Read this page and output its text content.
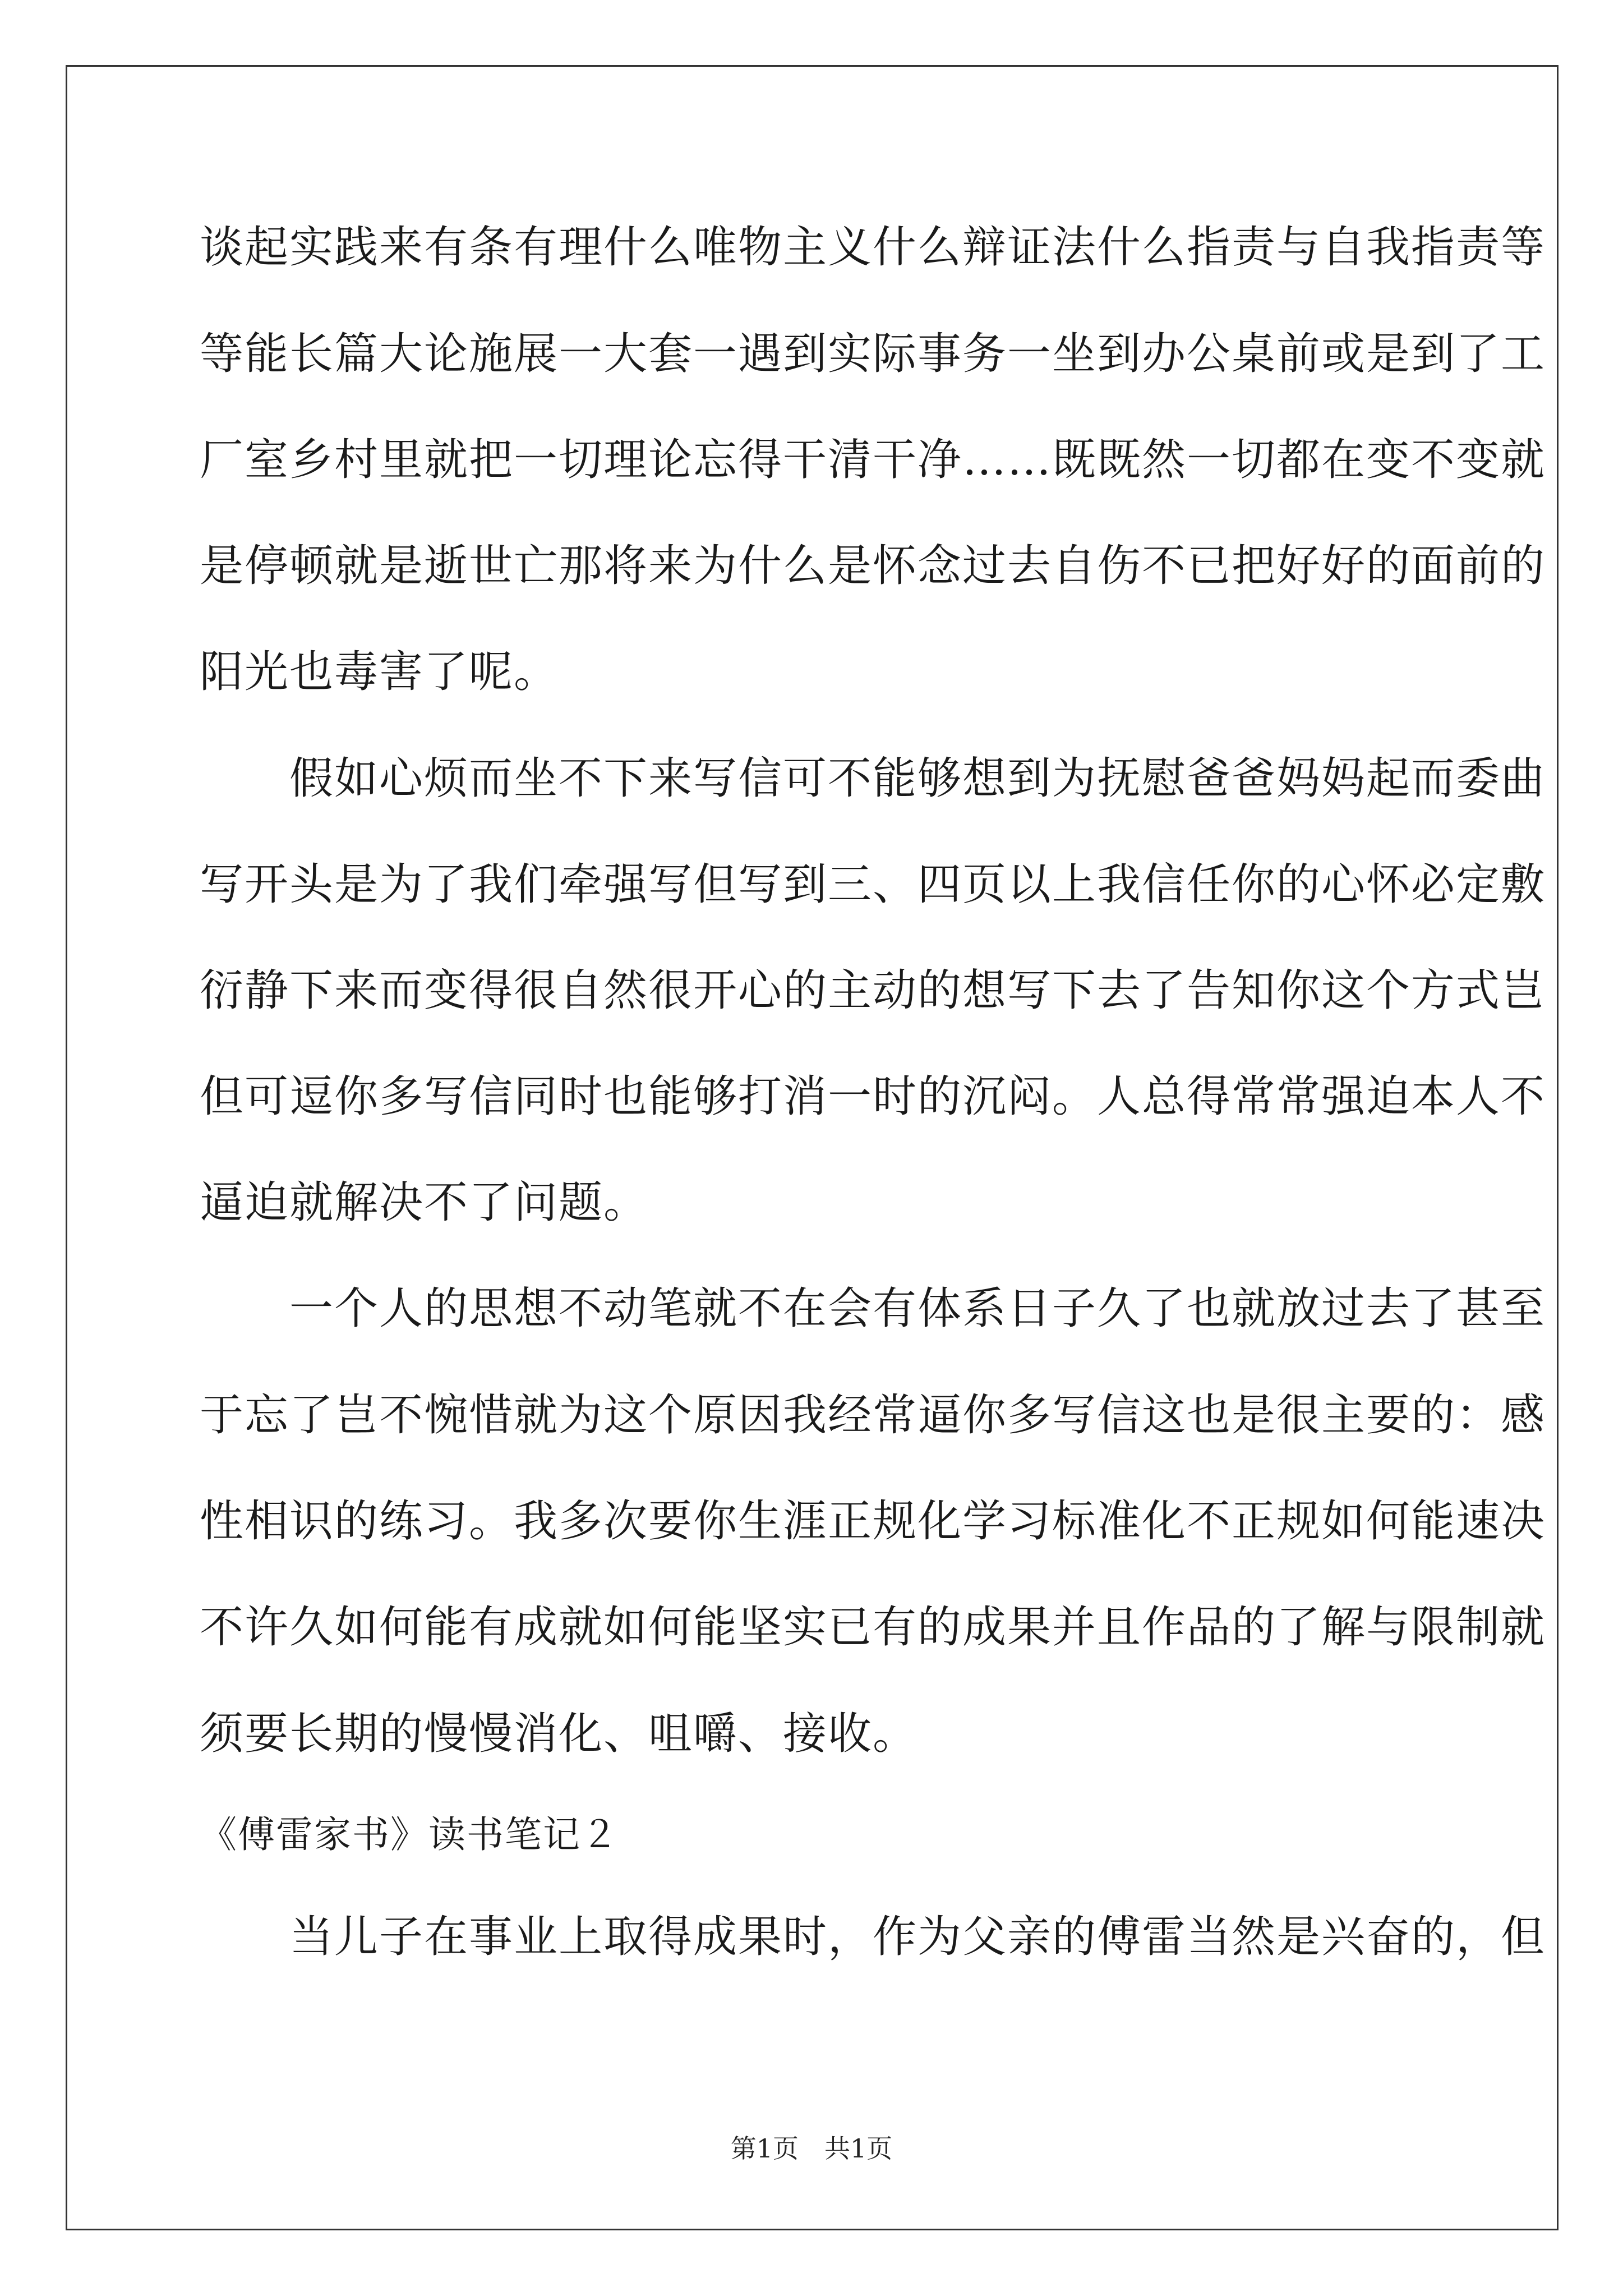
谈起实践来有条有理什么唯物主义什么辩证法什么指责与自我指责等
等能长篇大论施展一大套一遇到实际事务一坐到办公桌前或是到了工
厂室乡村里就把一切理论忘得干清干净……既既然一切都在变不变就
是停顿就是逝世亡那将来为什么是怀念过去自伤不已把好好的面前的
阳光也毒害了呢。
　　假如心烦而坐不下来写信可不能够想到为抚慰爸爸妈妈起而委曲
写开头是为了我们牵强写但写到三、四页以上我信任你的心怀必定敷
衍静下来而变得很自然很开心的主动的想写下去了告知你这个方式岂
但可逗你多写信同时也能够打消一时的沉闷。人总得常常强迫本人不
逼迫就解决不了问题。
　　一个人的思想不动笔就不在会有体系日子久了也就放过去了甚至
于忘了岂不惋惜就为这个原因我经常逼你多写信这也是很主要的：感
性相识的练习。我多次要你生涯正规化学习标准化不正规如何能速决
不许久如何能有成就如何能坚实已有的成果并且作品的了解与限制就
须要长期的慢慢消化、咀嚼、接收。
《傅雷家书》读书笔记２
　　当儿子在事业上取得成果时，作为父亲的傅雷当然是兴奋的，但
第1页　共1页
